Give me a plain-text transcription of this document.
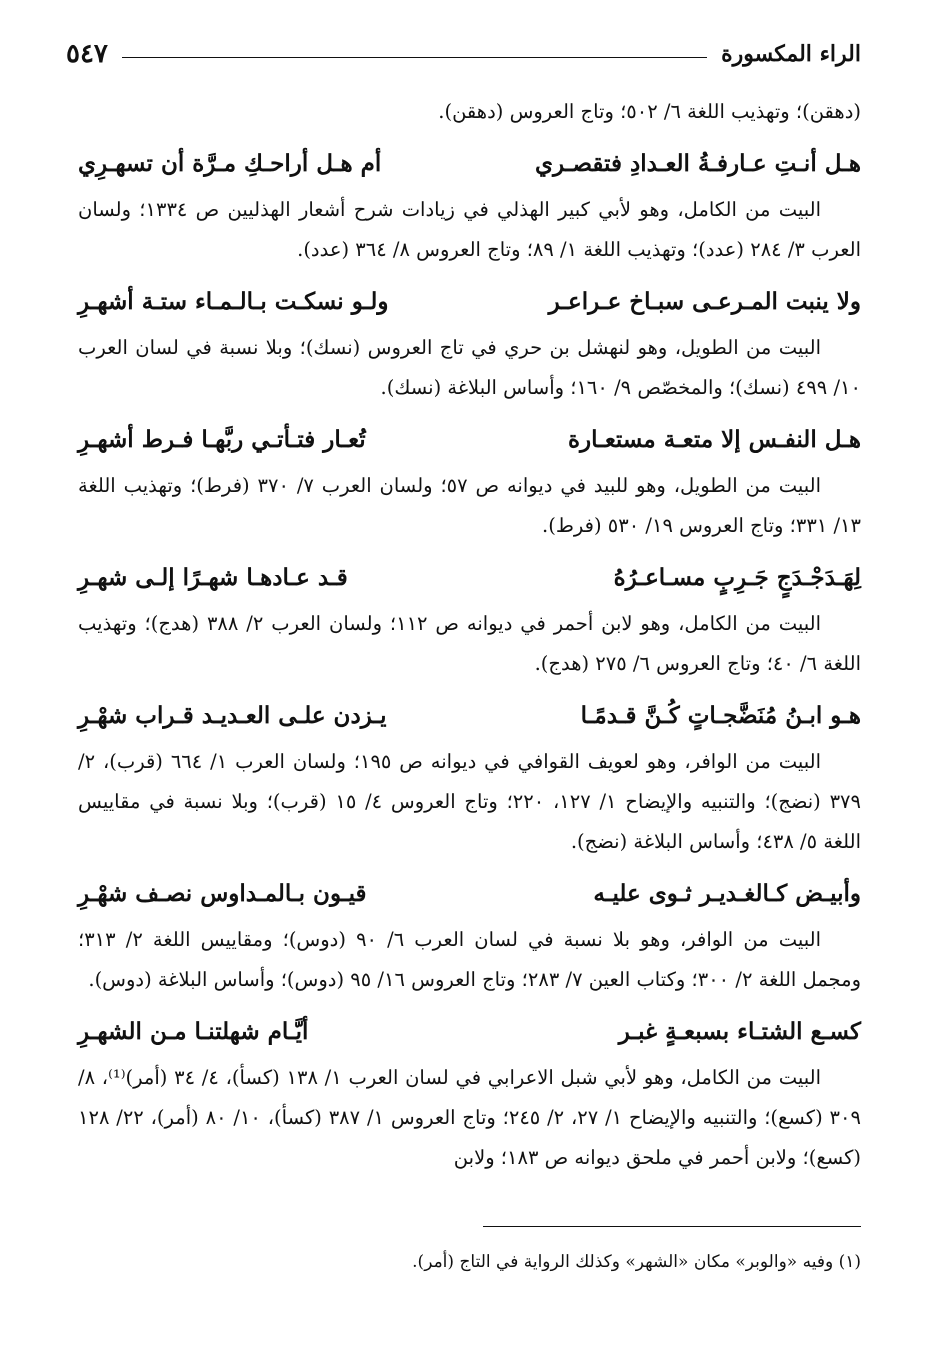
الراء المكسورة
٥٤٧

(دهقن)؛ وتهذيب اللغة ٦/ ٥٠٢؛ وتاج العروس (دهقن).

هـل أنـتِ عـارفـةُ العـدادِ فتقصـري
أم هـل أراحـكِ مـرَّة أن تسهـرِي

البيت من الكامل، وهو لأبي كبير الهذلي في زيادات شرح أشعار الهذليين ص ١٣٣٤؛ ولسان العرب ٣/ ٢٨٤ (عدد)؛ وتهذيب اللغة ١/ ٨٩؛ وتاج العروس ٨/ ٣٦٤ (عدد).

ولا ينبت المـرعـى سبـاخ عـراعـر
ولـو نسكـت بـالـمـاء ستـة أشهـرِ

البيت من الطويل، وهو لنهشل بن حري في تاج العروس (نسك)؛ وبلا نسبة في لسان العرب ١٠/ ٤٩٩ (نسك)؛ والمخصّص ٩/ ١٦٠؛ وأساس البلاغة (نسك).

هـل النفـس إلا متعـة مستعـارة
تُعـار فتـأتـي ربَّهـا فـرط أشهـرِ

البيت من الطويل، وهو للبيد في ديوانه ص ٥٧؛ ولسان العرب ٧/ ٣٧٠ (فرط)؛ وتهذيب اللغة ١٣/ ٣٣١؛ وتاج العروس ١٩/ ٥٣٠ (فرط).

لِهَـدَجْـدَجٍ جَـرِبٍ مسـاعـرُهُ
قـد عـادهـا شهـرًا إلـى شهـرِ

البيت من الكامل، وهو لابن أحمر في ديوانه ص ١١٢؛ ولسان العرب ٢/ ٣٨٨ (هدج)؛ وتهذيب اللغة ٦/ ٤٠؛ وتاج العروس ٦/ ٢٧٥ (هدج).

هـو ابـنُ مُنَضَّجـاتٍ كُـنَّ قـدمًـا
يـزدن علـى العـديـد قـراب شهْـرِ

البيت من الوافر، وهو لعويف القوافي في ديوانه ص ١٩٥؛ ولسان العرب ١/ ٦٦٤ (قرب)، ٢/ ٣٧٩ (نضج)؛ والتنبيه والإيضاح ١/ ١٢٧، ٢٢٠؛ وتاج العروس ٤/ ١٥ (قرب)؛ وبلا نسبة في مقاييس اللغة ٥/ ٤٣٨؛ وأساس البلاغة (نضج).

وأبيـض كـالغـديـر ثـوى عليـه
قيـون بـالمـداوس نصـف شهْـرِ

البيت من الوافر، وهو بلا نسبة في لسان العرب ٦/ ٩٠ (دوس)؛ ومقاييس اللغة ٢/ ٣١٣؛ ومجمل اللغة ٢/ ٣٠٠؛ وكتاب العين ٧/ ٢٨٣؛ وتاج العروس ١٦/ ٩٥ (دوس)؛ وأساس البلاغة (دوس).

كسـع الشتـاء بسبعـةٍ غبـر
أيَّـام شهلتنـا مـن الشهـرِ

البيت من الكامل، وهو لأبي شبل الاعرابي في لسان العرب ١/ ١٣٨ (كسأ)، ٤/ ٣٤ (أمر)⁽¹⁾، ٨/ ٣٠٩ (كسع)؛ والتنبيه والإيضاح ١/ ٢٧، ٢/ ٢٤٥؛ وتاج العروس ١/ ٣٨٧ (كسأ)، ١٠/ ٨٠ (أمر)، ٢٢/ ١٢٨ (كسع)؛ ولابن أحمر في ملحق ديوانه ص ١٨٣؛ ولابن

(١) وفيه «والوبر» مكان «الشهر» وكذلك الرواية في التاج (أمر).
